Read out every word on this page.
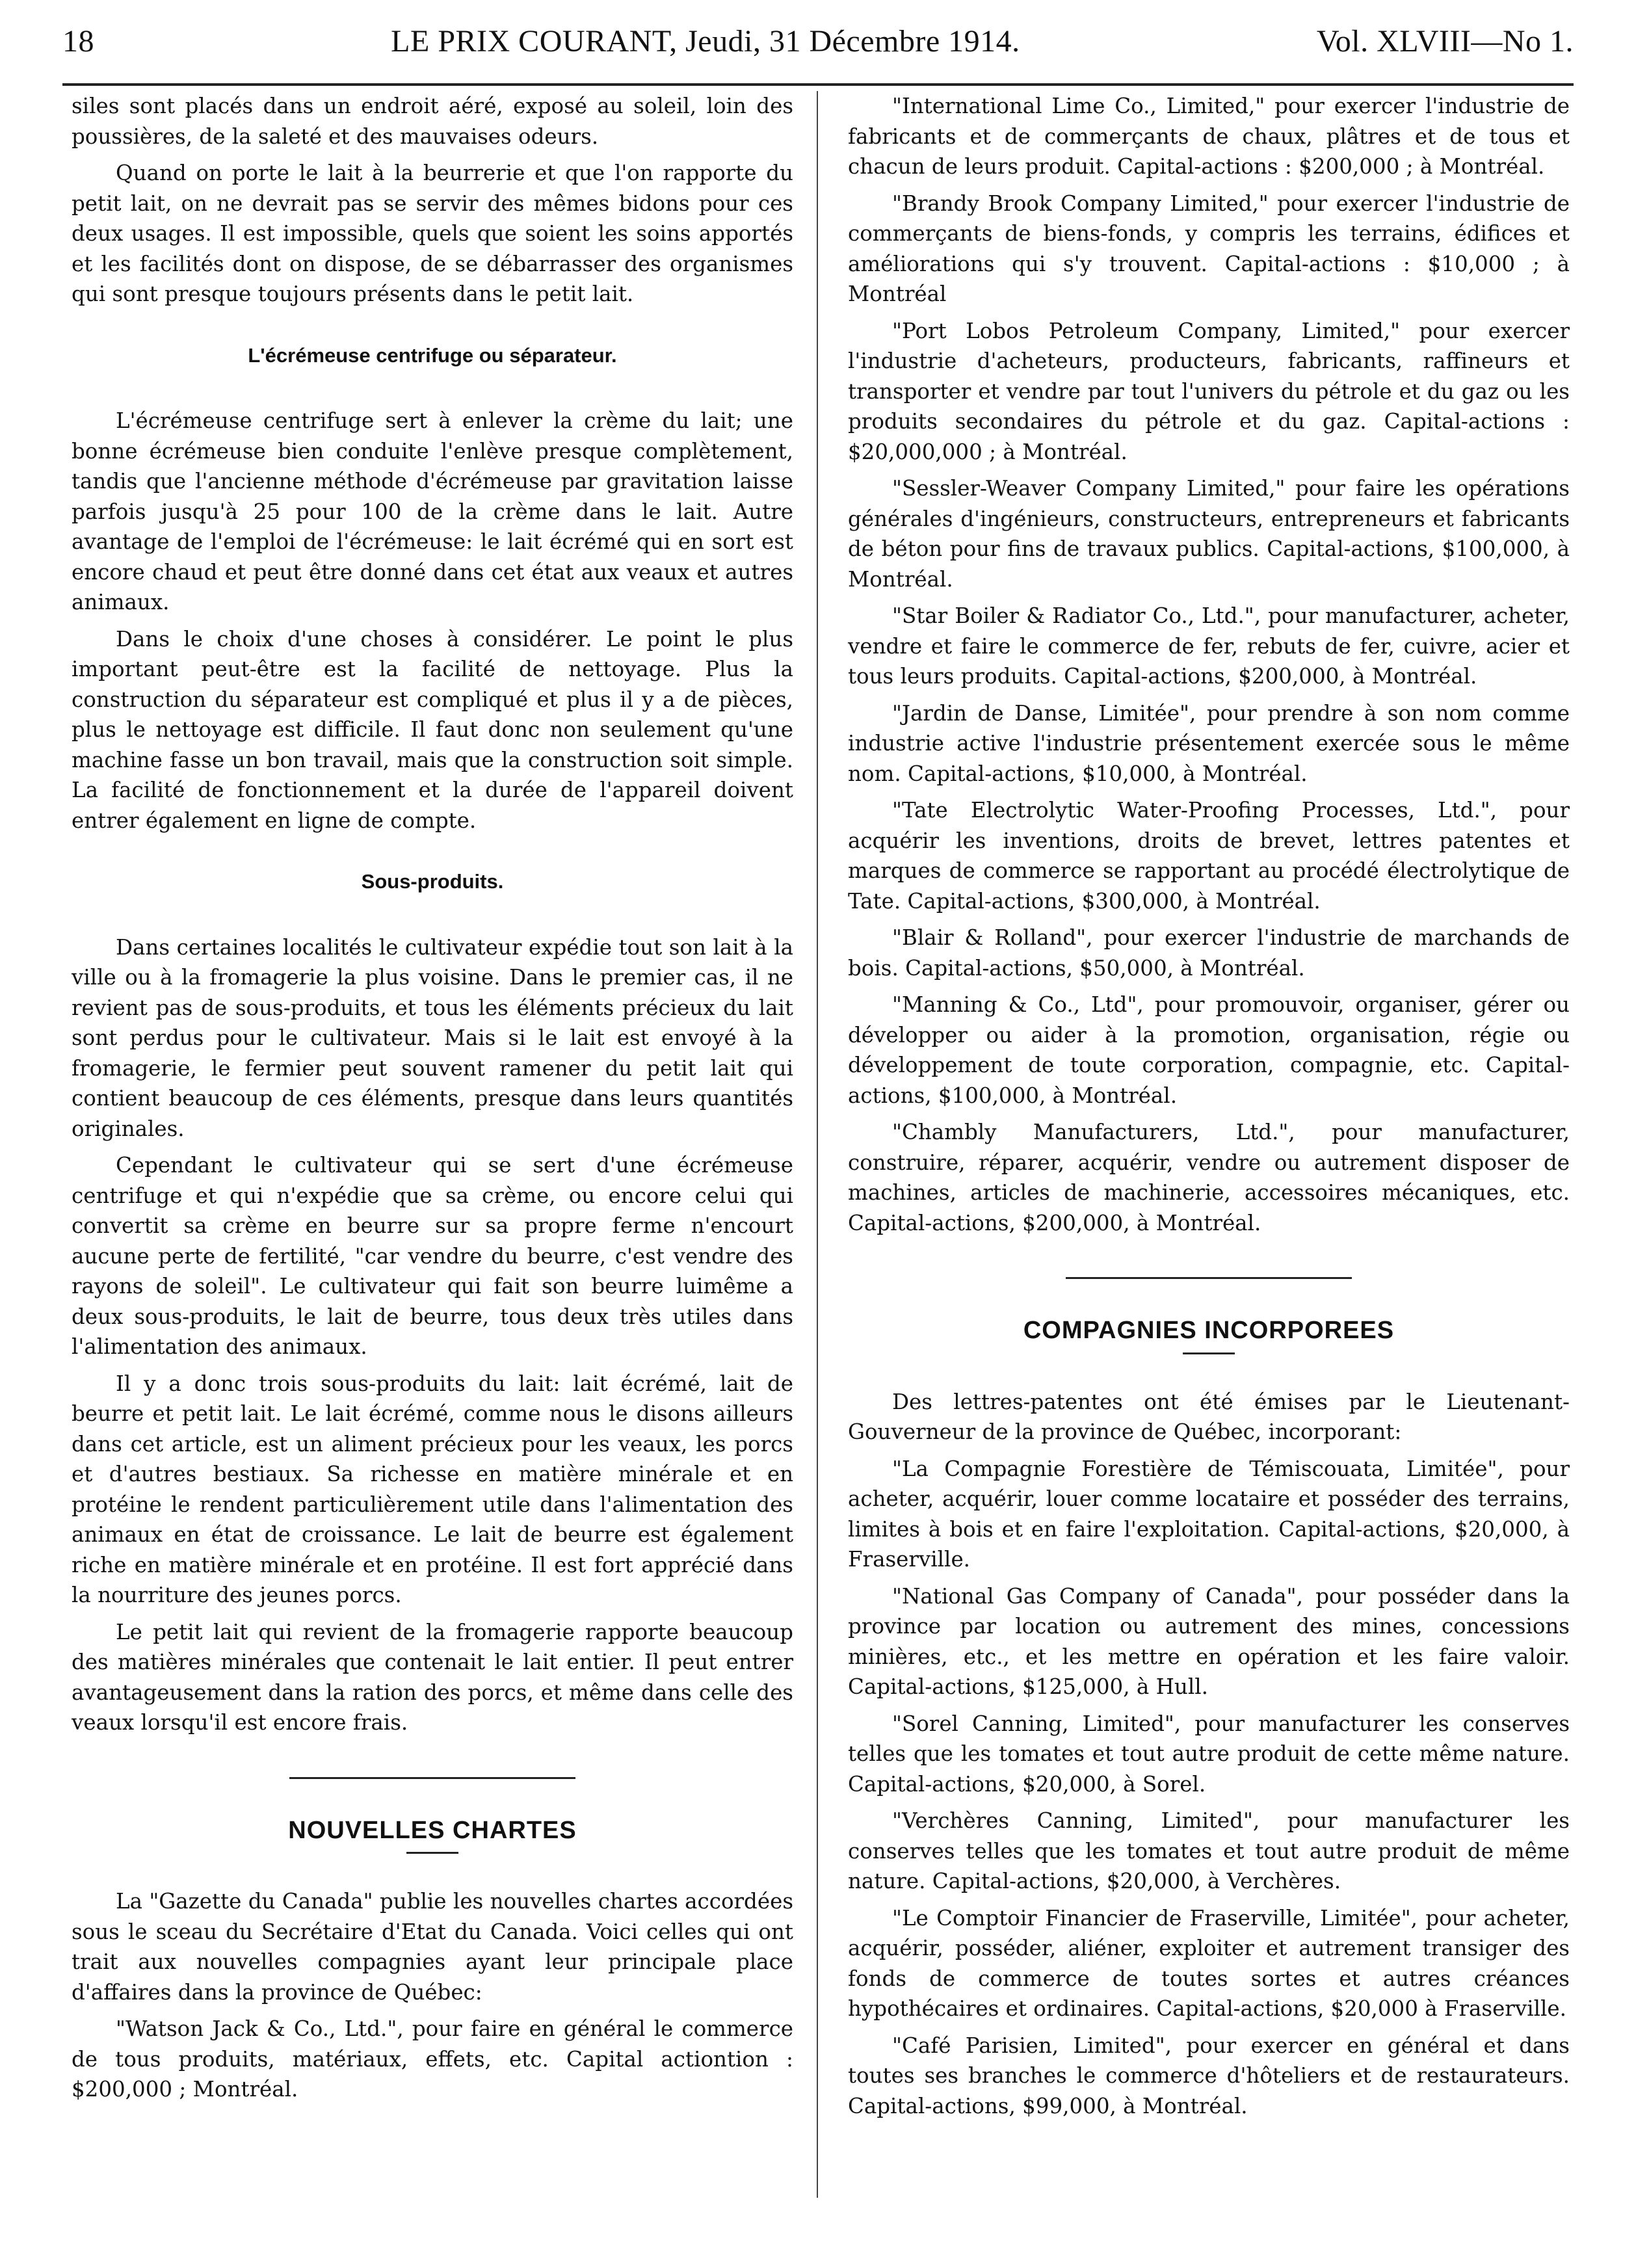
18	LE PRIX COURANT, Jeudi, 31 Décembre 1914.	Vol. XLVIII—No 1.

siles sont placés dans un endroit aéré, exposé au soleil, loin des poussières, de la saleté et des mauvaises odeurs.

Quand on porte le lait à la beurrerie et que l'on rapporte du petit lait, on ne devrait pas se servir des mêmes bidons pour ces deux usages. Il est impossible, quels que soient les soins apportés et les facilités dont on dispose, de se débarrasser des organismes qui sont presque toujours présents dans le petit lait.

L'écrémeuse centrifuge ou séparateur.

L'écrémeuse centrifuge sert à enlever la crème du lait; une bonne écrémeuse bien conduite l'enlève presque complètement, tandis que l'ancienne méthode d'écrémeuse par gravitation laisse parfois jusqu'à 25 pour 100 de la crème dans le lait. Autre avantage de l'emploi de l'écrémeuse: le lait écrémé qui en sort est encore chaud et peut être donné dans cet état aux veaux et autres animaux.

Dans le choix d'une choses à considérer. Le point le plus important peut-être est la facilité de nettoyage. Plus la construction du séparateur est compliqué et plus il y a de pièces, plus le nettoyage est difficile. Il faut donc non seulement qu'une machine fasse un bon travail, mais que la construction soit simple. La facilité de fonctionnement et la durée de l'appareil doivent entrer également en ligne de compte.

Sous-produits.

Dans certaines localités le cultivateur expédie tout son lait à la ville ou à la fromagerie la plus voisine. Dans le premier cas, il ne revient pas de sous-produits, et tous les éléments précieux du lait sont perdus pour le cultivateur. Mais si le lait est envoyé à la fromagerie, le fermier peut souvent ramener du petit lait qui contient beaucoup de ces éléments, presque dans leurs quantités originales.

Cependant le cultivateur qui se sert d'une écrémeuse centrifuge et qui n'expédie que sa crème, ou encore celui qui convertit sa crème en beurre sur sa propre ferme n'encourt aucune perte de fertilité, "car vendre du beurre, c'est vendre des rayons de soleil". Le cultivateur qui fait son beurre luimême a deux sous-produits, le lait de beurre, tous deux très utiles dans l'alimentation des animaux.

Il y a donc trois sous-produits du lait: lait écrémé, lait de beurre et petit lait. Le lait écrémé, comme nous le disons ailleurs dans cet article, est un aliment précieux pour les veaux, les porcs et d'autres bestiaux. Sa richesse en matière minérale et en protéine le rendent particulièrement utile dans l'alimentation des animaux en état de croissance. Le lait de beurre est également riche en matière minérale et en protéine. Il est fort apprécié dans la nourriture des jeunes porcs.

Le petit lait qui revient de la fromagerie rapporte beaucoup des matières minérales que contenait le lait entier. Il peut entrer avantageusement dans la ration des porcs, et même dans celle des veaux lorsqu'il est encore frais.

NOUVELLES CHARTES

La "Gazette du Canada" publie les nouvelles chartes accordées sous le sceau du Secrétaire d'Etat du Canada. Voici celles qui ont trait aux nouvelles compagnies ayant leur principale place d'affaires dans la province de Québec:

"Watson Jack & Co., Ltd.", pour faire en général le commerce de tous produits, matériaux, effets, etc. Capital actiontion : $200,000 ; Montréal.

"International Lime Co., Limited," pour exercer l'industrie de fabricants et de commerçants de chaux, plâtres et de tous et chacun de leurs produit. Capital-actions : $200,000 ; à Montréal.

"Brandy Brook Company Limited," pour exercer l'industrie de commerçants de biens-fonds, y compris les terrains, édifices et améliorations qui s'y trouvent. Capital-actions : $10,000 ; à Montréal

"Port Lobos Petroleum Company, Limited," pour exercer l'industrie d'acheteurs, producteurs, fabricants, raffineurs et transporter et vendre par tout l'univers du pétrole et du gaz ou les produits secondaires du pétrole et du gaz. Capital-actions : $20,000,000 ; à Montréal.

"Sessler-Weaver Company Limited," pour faire les opérations générales d'ingénieurs, constructeurs, entrepreneurs et fabricants de béton pour fins de travaux publics. Capital-actions, $100,000, à Montréal.

"Star Boiler & Radiator Co., Ltd.", pour manufacturer, acheter, vendre et faire le commerce de fer, rebuts de fer, cuivre, acier et tous leurs produits. Capital-actions, $200,000, à Montréal.

"Jardin de Danse, Limitée", pour prendre à son nom comme industrie active l'industrie présentement exercée sous le même nom. Capital-actions, $10,000, à Montréal.

"Tate Electrolytic Water-Proofing Processes, Ltd.", pour acquérir les inventions, droits de brevet, lettres patentes et marques de commerce se rapportant au procédé électrolytique de Tate. Capital-actions, $300,000, à Montréal.

"Blair & Rolland", pour exercer l'industrie de marchands de bois. Capital-actions, $50,000, à Montréal.

"Manning & Co., Ltd", pour promouvoir, organiser, gérer ou développer ou aider à la promotion, organisation, régie ou développement de toute corporation, compagnie, etc. Capital-actions, $100,000, à Montréal.

"Chambly Manufacturers, Ltd.", pour manufacturer, construire, réparer, acquérir, vendre ou autrement disposer de machines, articles de machinerie, accessoires mécaniques, etc. Capital-actions, $200,000, à Montréal.

COMPAGNIES INCORPOREES

Des lettres-patentes ont été émises par le Lieutenant-Gouverneur de la province de Québec, incorporant:

"La Compagnie Forestière de Témiscouata, Limitée", pour acheter, acquérir, louer comme locataire et posséder des terrains, limites à bois et en faire l'exploitation. Capital-actions, $20,000, à Fraserville.

"National Gas Company of Canada", pour posséder dans la province par location ou autrement des mines, concessions minières, etc., et les mettre en opération et les faire valoir. Capital-actions, $125,000, à Hull.

"Sorel Canning, Limited", pour manufacturer les conserves telles que les tomates et tout autre produit de cette même nature. Capital-actions, $20,000, à Sorel.

"Verchères Canning, Limited", pour manufacturer les conserves telles que les tomates et tout autre produit de même nature. Capital-actions, $20,000, à Verchères.

"Le Comptoir Financier de Fraserville, Limitée", pour acheter, acquérir, posséder, aliéner, exploiter et autrement transiger des fonds de commerce de toutes sortes et autres créances hypothécaires et ordinaires. Capital-actions, $20,000 à Fraserville.

"Café Parisien, Limited", pour exercer en général et dans toutes ses branches le commerce d'hôteliers et de restaurateurs. Capital-actions, $99,000, à Montréal.
